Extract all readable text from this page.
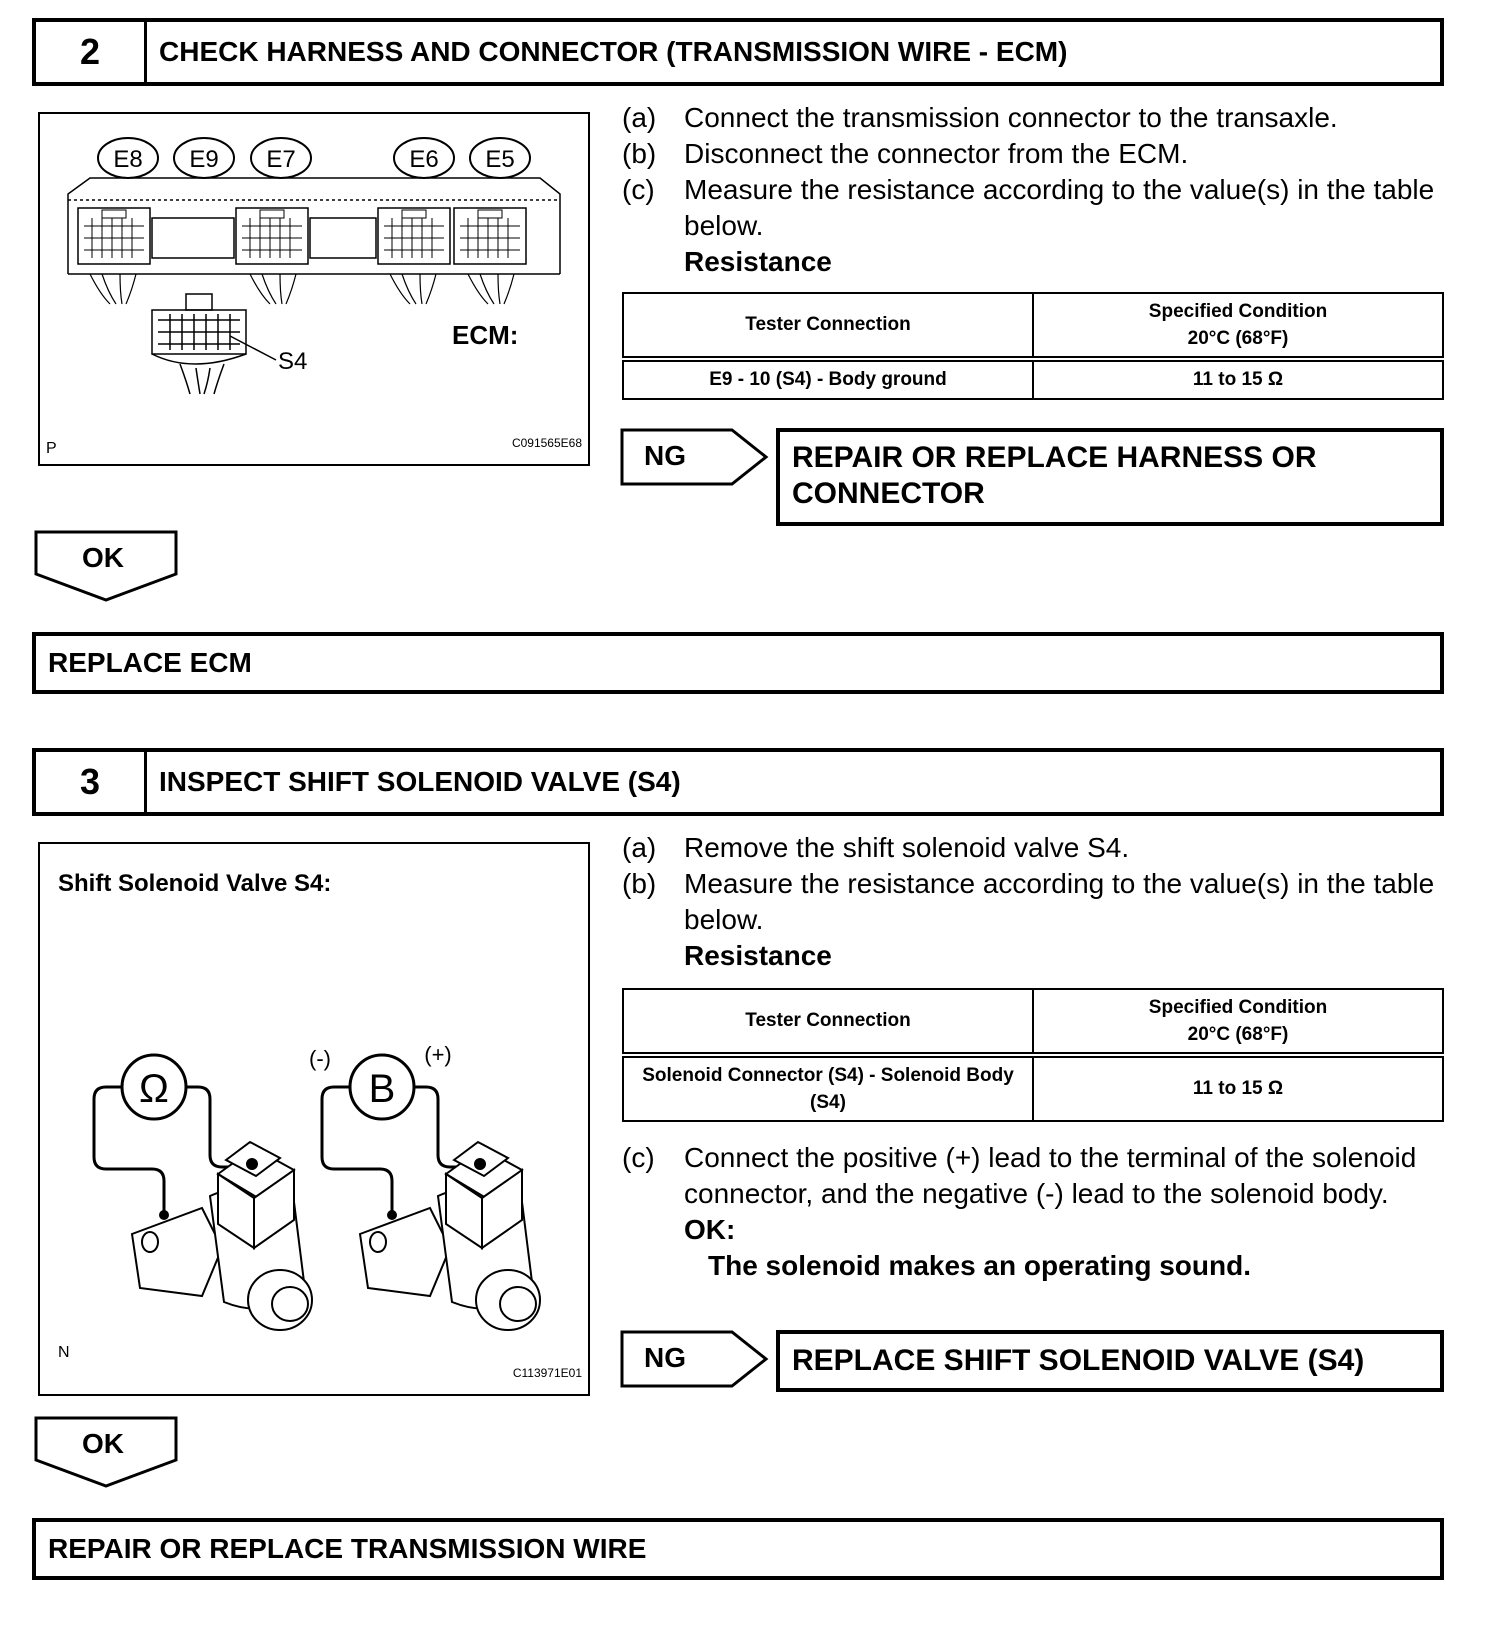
2	CHECK HARNESS AND CONNECTOR (TRANSMISSION WIRE - ECM)
E8 E9 E7	E6 E5
S4
ECM:
P	C091565E68
(a) Connect the transmission connector to the transaxle.
(b) Disconnect the connector from the ECM.
(c)	Measure the resistance according to the value(s) in the table below.
Resistance
Tester Connection	Specified Condition
20°C (68°F)
E9 - 10 (S4) - Body ground	11 to 15 Ω
NG	REPAIR OR REPLACE HARNESS OR CONNECTOR
OK
REPLACE ECM
3	INSPECT SHIFT SOLENOID VALVE (S4)
Shift Solenoid Valve S4:
Ω	B
(-)	(+)
N
C113971E01
(a) Remove the shift solenoid valve S4.
(b) Measure the resistance according to the value(s) in the table below.
Resistance
Tester Connection	Specified Condition
20°C (68°F)
Solenoid Connector (S4) - Solenoid Body (S4)	11 to 15 Ω
(c)	Connect the positive (+) lead to the terminal of the solenoid connector, and the negative (-) lead to the solenoid body.
OK:
The solenoid makes an operating sound.
NG	REPLACE SHIFT SOLENOID VALVE (S4)
OK
REPAIR OR REPLACE TRANSMISSION WIRE
